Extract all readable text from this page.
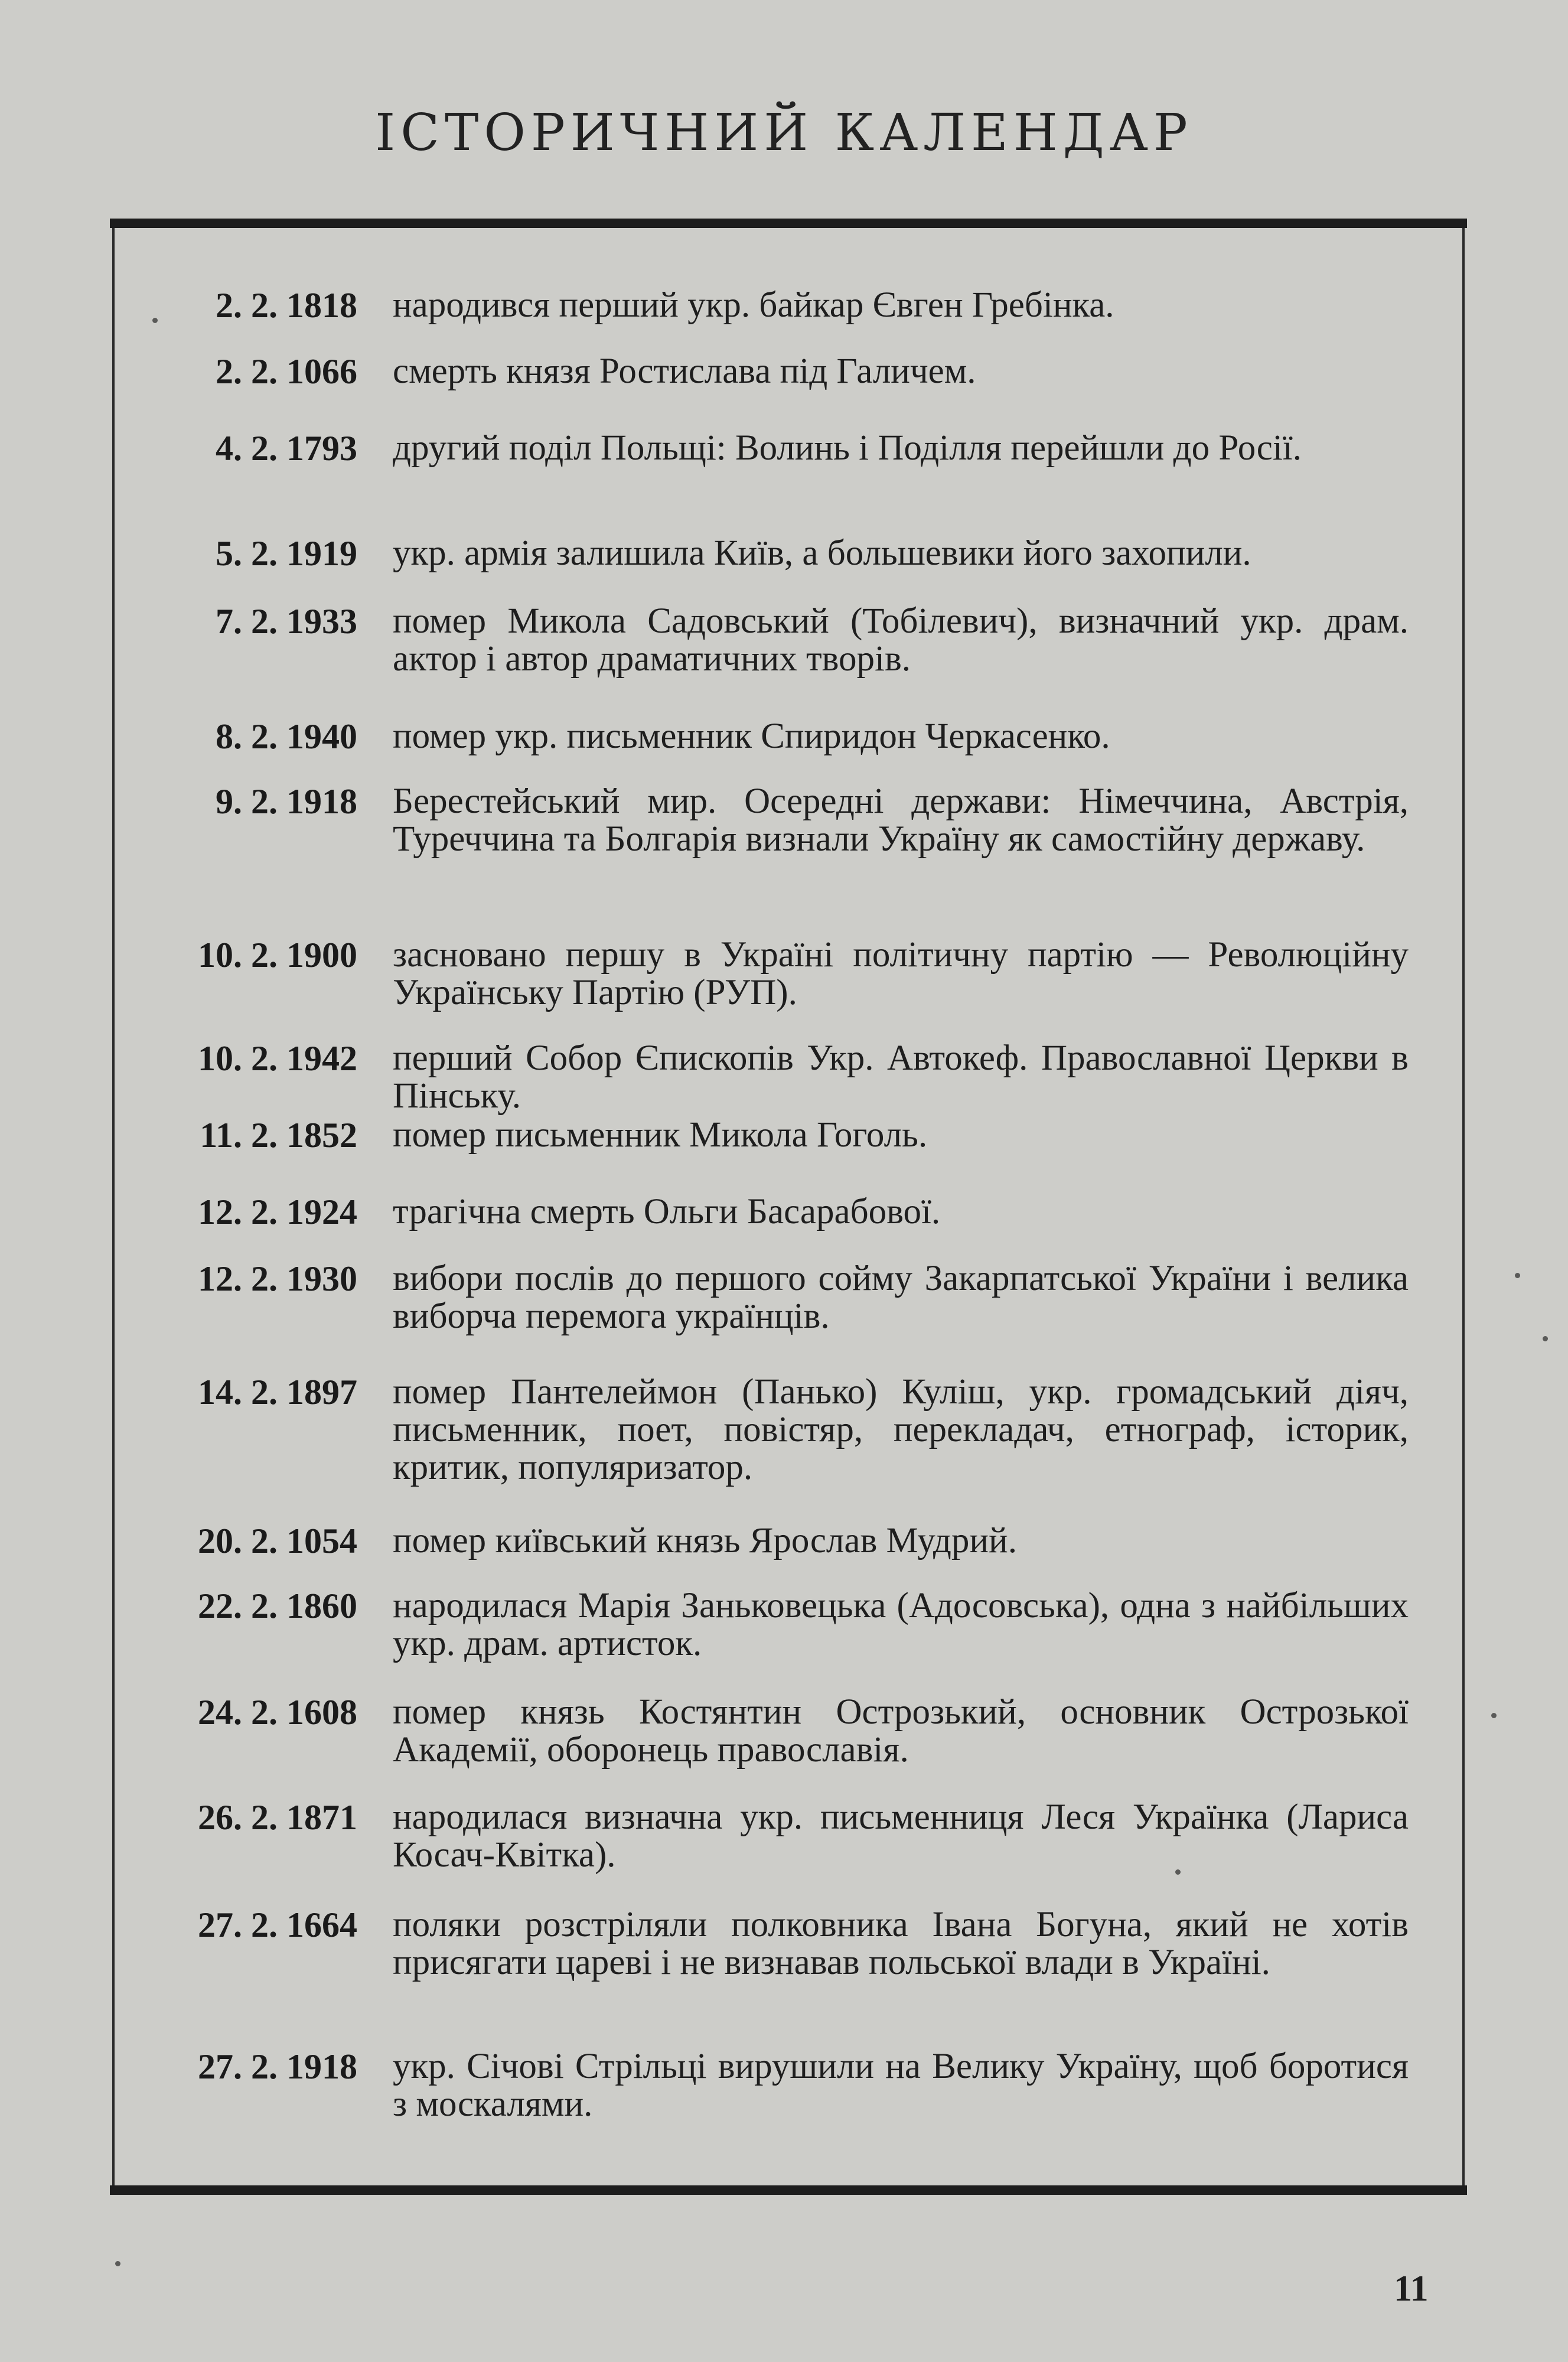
ІСТОРИЧНИЙ КАЛЕНДАР
2. 2. 1818 народився перший укр. байкар Євген Гребінка.
2. 2. 1066 смерть князя Ростислава під Галичем.
4. 2. 1793 другий поділ Польщі: Волинь і Поділля перейшли до Росії.
5. 2. 1919 укр. армія залишила Київ, а большевики його захопили.
7. 2. 1933 помер Микола Садовський (Тобілевич), визначний укр. драм. актор і автор драматичних творів.
8. 2. 1940 помер укр. письменник Спиридон Черкасенко.
9. 2. 1918 Берестейський мир. Осередні держави: Німеччина, Австрія, Туреччина та Болгарія визнали Україну як самостійну державу.
10. 2. 1900 засновано першу в Україні політичну партію — Революційну Українську Партію (РУП).
10. 2. 1942 перший Собор Єпископів Укр. Автокеф. Православної Церкви в Пінську.
11. 2. 1852 помер письменник Микола Гоголь.
12. 2. 1924 трагічна смерть Ольги Басарабової.
12. 2. 1930 вибори послів до першого сойму Закарпатської України і велика виборча перемога українців.
14. 2. 1897 помер Пантелеймон (Панько) Куліш, укр. громадський діяч, письменник, поет, повістяр, перекладач, етнограф, історик, критик, популяризатор.
20. 2. 1054 помер київський князь Ярослав Мудрий.
22. 2. 1860 народилася Марія Заньковецька (Адосовська), одна з найбільших укр. драм. артисток.
24. 2. 1608 помер князь Костянтин Острозький, основник Острозької Академії, оборонець православія.
26. 2. 1871 народилася визначна укр. письменниця Леся Українка (Лариса Косач-Квітка).
27. 2. 1664 поляки розстріляли полковника Івана Богуна, який не хотів присягати цареві і не визнавав польської влади в Україні.
27. 2. 1918 укр. Січові Стрільці вирушили на Велику Україну, щоб боротися з москалями.
11
